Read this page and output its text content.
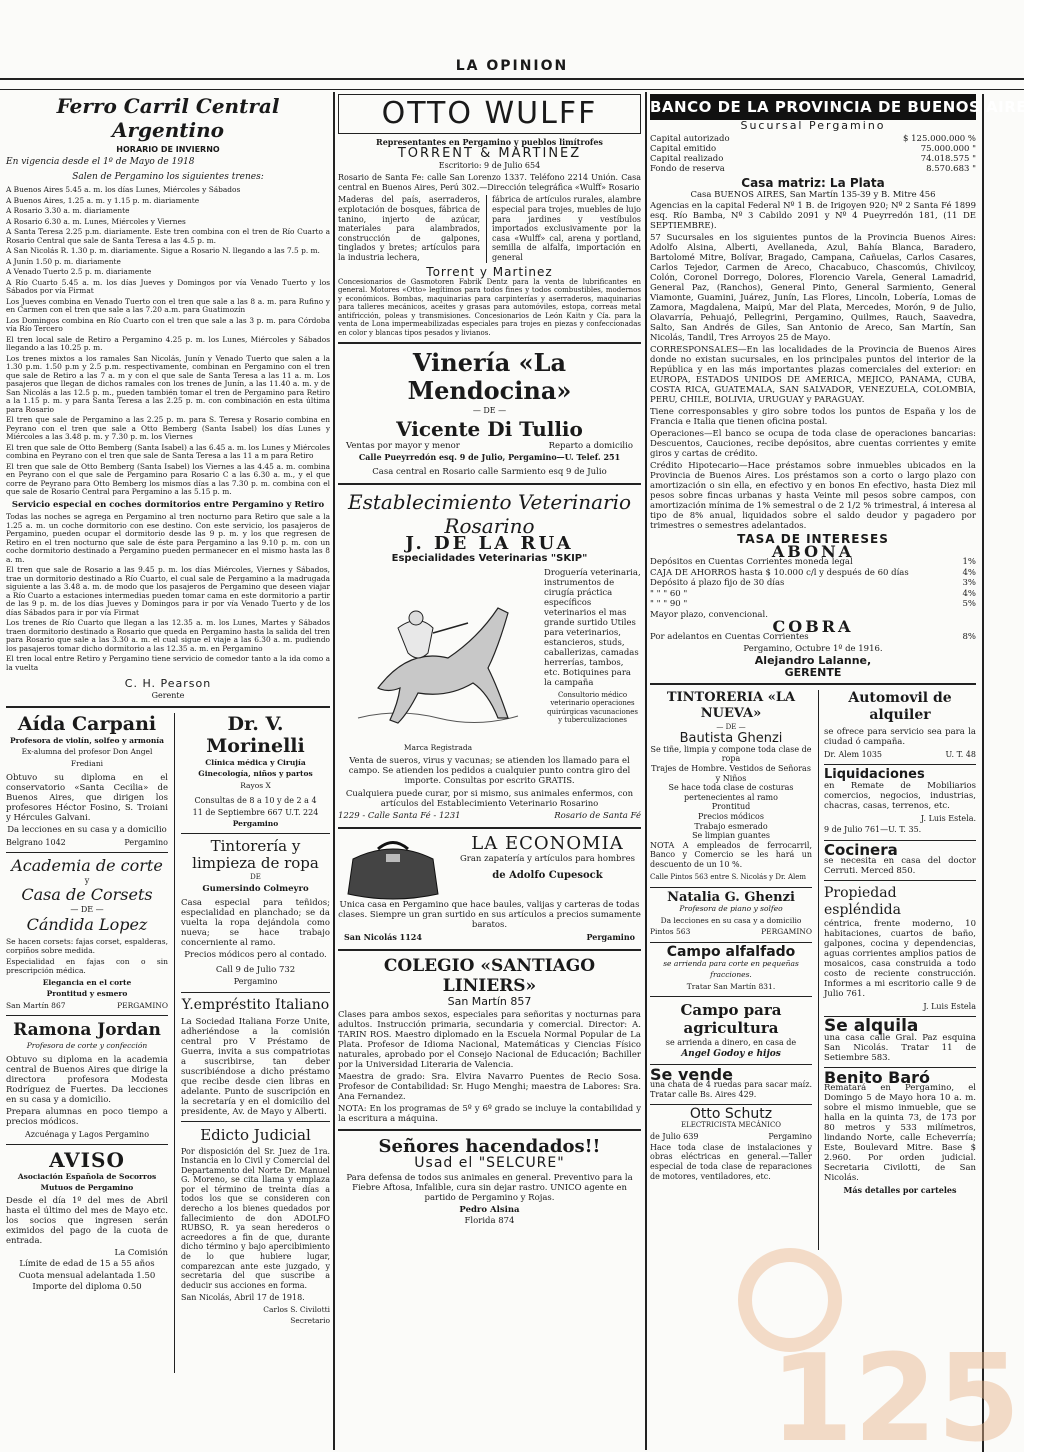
LA OPINION
Ferro Carril Central Argentino
HORARIO DE INVIERNO
En vigencia desde el 1º de Mayo de 1918
Salen de Pergamino los siguientes trenes:

A Buenos Aires 5.45 a. m. los días Lunes, Miércoles y Sábados

A Buenos Aires, 1.25 a. m. y 1.15 p. m. diariamente

A Rosario 3.30 a. m. diariamente

A Rosario 6.30 a. m. Lunes, Miércoles y Viernes

A Santa Teresa 2.25 p.m. diariamente. Este tren combina con el tren de Río Cuarto a Rosario Central que sale de Santa Teresa a las 4.5 p. m.

A San Nicolás R. 1.30 p. m. diariamente. Sigue a Rosario N. llegando a las 7.5 p. m.

A Junín 1.50 p. m. diariamente

A Venado Tuerto 2.5 p. m. diariamente

A Río Cuarto 5.45 a. m. los días Jueves y Domingos por vía Venado Tuerto y los Sábados por vía Firmat

Los Jueves combina en Venado Tuerto con el tren que sale a las 8 a. m. para Rufino y en Carmen con el tren que sale a las 7.20 a.m. para Guatimozín

Los Domingos combina en Río Cuarto con el tren que sale a las 3 p. m. para Córdoba vía Río Tercero

El tren local sale de Retiro a Pergamino 4.25 p. m. los Lunes, Miércoles y Sábados llegando a las 10.25 p. m.

Los trenes mixtos a los ramales San Nicolás, Junín y Venado Tuerto que salen a la 1.30 p.m. 1.50 p.m y 2.5 p.m. respectivamente, combinan en Pergamino con el tren que sale de Retiro a las 7 a. m y con el que sale de Santa Teresa a las 11 a. m. Los pasajeros que llegan de dichos ramales con los trenes de Junín, a las 11.40 a. m. y de San Nicolás a las 12.5 p. m., pueden también tomar el tren de Pergamino para Retiro a la 1.15 p. m. y para Santa Teresa a las 2.25 p. m. con combinación en esta última para Rosario

El tren que sale de Pergamino a las 2.25 p. m. para S. Teresa y Rosario combina en Peyrano con el tren que sale a Otto Bemberg (Santa Isabel) los días Lunes y Miércoles a las 3.48 p. m. y 7.30 p. m. los Viernes

El tren que sale de Otto Bemberg (Santa Isabel) a las 6.45 a. m. los Lunes y Miércoles combina en Peyrano con el tren que sale de Santa Teresa a las 11 a m para Retiro

El tren que sale de Otto Bemberg (Santa Isabel) los Viernes a las 4.45 a. m. combina en Peyrano con el que sale de Pergamino para Rosario C a las 6.30 a. m., y el que corre de Peyrano para Otto Bemberg los mismos días a las 7.30 p. m. combina con el que sale de Rosario Central para Pergamino a las 5.15 p. m.

Servicio especial en coches dormitorios entre Pergamino y Retiro

Todas las noches se agrega en Pergamino al tren nocturno para Retiro que sale a la 1.25 a. m. un coche dormitorio con ese destino. Con este servicio, los pasajeros de Pergamino, pueden ocupar el dormitorio desde las 9 p. m. y los que regresen de Retiro en el tren nocturno que sale de éste para Pergamino a las 9.10 p. m. con un coche dormitorio destinado a Pergamino pueden permanecer en el mismo hasta las 8 a. m.

El tren que sale de Rosario a las 9.45 p. m. los días Miércoles, Viernes y Sábados, trae un dormitorio destinado a Río Cuarto, el cual sale de Pergamino a la madrugada siguiente a las 3.48 a. m. de modo que los pasajeros de Pergamino que deseen viajar a Río Cuarto a estaciones intermedias pueden tomar cama en este dormitorio a partir de las 9 p. m. de los días Jueves y Domingos para ir por vía Venado Tuerto y de los días Sábados para ir por vía Firmat

Los trenes de Río Cuarto que llegan a las 12.35 a. m. los Lunes, Martes y Sábados traen dormitorio destinado a Rosario que queda en Pergamino hasta la salida del tren para Rosario que sale a las 3.30 a. m. el cual sigue el viaje a las 6.30 a. m. pudiendo los pasajeros tomar dicho dormitorio a las 12.35 a. m. en Pergamino

El tren local entre Retiro y Pergamino tiene servicio de comedor tanto a la ida como a la vuelta

C. H. Pearson
Gerente
Aída Carpani
Profesora de violín, solfeo y armonía
Ex-alumna del profesor Don Angel Frediani

Obtuvo su diploma en el conservatorio «Santa Cecilia» de Buenos Aires, que dirigen los profesores Héctor Fosino, S. Troiani y Hércules Galvani.

Da lecciones en su casa y a domicilio
Belgrano 1042	Pergamino
Academia de corte
y
Casa de Corsets
— DE —
Cándida Lopez

Se hacen corsets: fajas corset, espalderas, corpiños sobre medida.

Especialidad en fajas con o sin prescripción médica.

Elegancia en el corte
Prontitud y esmero
San Martín 867	PERGAMINO
Ramona Jordan
Profesora de corte y confección

Obtuvo su diploma en la academia central de Buenos Aires que dirige la directora profesora Modesta Rodríguez de Fuertes. Da lecciones en su casa y a domicilio.

Prepara alumnas en poco tiempo a precios módicos.

Azcuénaga y Lagos Pergamino
AVISO
Asociación Española de Socorros Mutuos de Pergamino

Desde el día 1º del mes de Abril hasta el último del mes de Mayo etc. los socios que ingresen serán eximidos del pago de la cuota de entrada.

La Comisión
Límite de edad de 15 a 55 años
Cuota mensual adelantada 1.50
Importe del diploma 0.50
Dr. V. Morinelli
Clínica médica y Cirujía
Ginecología, niños y partos
Rayos X
Consultas de 8 a 10 y de 2 a 4
11 de Septiembre 667 U.T. 224
Pergamino
Tintorería y limpieza de ropa
DE
Gumersindo Colmeyro

Casa especial para teñidos; especialidad en planchado; se da vuelta la ropa dejándola como nueva; se hace trabajo concerniente al ramo.

Precios módicos pero al contado.
Call 9 de Julio 732
Pergamino
Y.empréstito Italiano

La Sociedad Italiana Forze Unite, adheriéndose a la comisión central pro V Préstamo de Guerra, invita a sus compatriotas a suscribirse, tan deber suscribiéndose a dicho préstamo que recibe desde cien libras en adelante. Punto de suscripción en la secretaría y en el domicilio del presidente, Av. de Mayo y Alberti.

Edicto Judicial

Por disposición del Sr. Juez de 1ra. Instancia en lo Civil y Comercial del Departamento del Norte Dr. Manuel G. Moreno, se cita llama y emplaza por el término de treinta días a todos los que se consideren con derecho a los bienes quedados por fallecimiento de don ADOLFO RUBSO, R. ya sean herederos o acreedores a fin de que, durante dicho término y bajo apercibimiento de lo que hubiere lugar, comparezcan ante este juzgado, y secretaria del que suscribe a deducir sus acciones en forma.

San Nicolás, Abril 17 de 1918.
Carlos S. Civilotti
Secretario
OTTO WULFF
Representantes en Pergamino y pueblos limítrofes
TORRENT & MARTINEZ
Escritorio: 9 de Julio 654

Rosario de Santa Fe: calle San Lorenzo 1337. Teléfono 2214 Unión. Casa central en Buenos Aires, Perú 302.—Dirección telegráfica «Wulff» Rosario

Maderas del país, aserraderos, explotación de bosques, fábrica de tanino, injerto de azúcar, materiales para alambrados, construcción de galpones, tinglados y bretes; artículos para la industria lechera,

fábrica de artículos rurales, alambre especial para trojes, muebles de lujo para jardines y vestíbulos importados exclusivamente por la casa «Wulff» cal, arena y portland, semilla de alfalfa, importación en general

Torrent y Martinez

Concesionarios de Gasmotoren Fabrik Dentz para la venta de lubrificantes en general. Motores «Otto» legítimos para todos fines y todos combustibles, modernos y económicos. Bombas, maquinarias para carpinterías y aserraderos, maquinarias para talleres mecánicos, aceites y grasas para automóviles, estopa, correas metal antifricción, poleas y transmisiones. Concesionarios de León Kaitn y Cía. para la venta de Lona impermeabilizadas especiales para trojes en piezas y confeccionadas en color y blancas tipos pesados y livianos.

Vinería «La Mendocina»
— DE —
Vicente Di Tullio
Ventas por mayor y menor	Reparto a domicilio
Calle Pueyrredón esq. 9 de Julio, Pergamino—U. Telef. 251
Casa central en Rosario calle Sarmiento esq 9 de Julio
Establecimiento Veterinario Rosarino
J. DE LA RUA
Especialidades Veterinarias "SKIP"
Marca Registrada

Droguería veterinaria, instrumentos de cirugía práctica específicos veterinarios el mas grande surtido Utiles para veterinarios, estancieros, studs, caballerizas, camadas herrerías, tambos, etc. Botiquines para la campaña

Consultorio médico veterinario operaciones quirúrgicas vacunaciones y tuberculizaciones

Venta de sueros, virus y vacunas; se atienden los llamado para el campo. Se atienden los pedidos a cualquier punto contra giro del importe. Consultas por escrito GRATIS.

Cualquiera puede curar, por si mismo, sus animales enfermos, con artículos del Establecimiento Veterinario Rosarino

1229 - Calle Santa Fé - 1231	Rosario de Santa Fé
LA ECONOMIA
Gran zapatería y artículos para hombres
de Adolfo Cupesock

Unica casa en Pergamino que hace baules, valijas y carteras de todas clases. Siempre un gran surtido en sus artículos a precios sumamente baratos.

San Nicolás 1124	Pergamino
COLEGIO «SANTIAGO LINIERS»
San Martín 857

Clases para ambos sexos, especiales para señoritas y nocturnas para adultos. Instrucción primaria, secundaria y comercial. Director: A. TARIN ROS. Maestro diplomado en la Escuela Normal Popular de La Plata. Profesor de Idioma Nacional, Matemáticas y Ciencias Físico naturales, aprobado por el Consejo Nacional de Educación; Bachiller por la Universidad Literaria de Valencia.

Maestra de grado: Sra. Elvira Navarro Puentes de Recio Sosa. Profesor de Contabilidad: Sr. Hugo Menghi; maestra de Labores: Sra. Ana Fernandez.

NOTA: En los programas de 5º y 6º grado se incluye la contabilidad y la escritura a máquina.

Señores hacendados!!
Usad el "SELCURE"

Para defensa de todos sus animales en general. Preventivo para la Fiebre Aftosa, Infalible, cura sin dejar rastro. UNICO agente en partido de Pergamino y Rojas.

Pedro Alsina
Florida 874
BANCO DE LA PROVINCIA DE BUENOS AIRES
Sucursal Pergamino
Capital autorizado	$ 125.000.000 %
Capital emitido	75.000.000 "
Capital realizado	74.018.575 "
Fondo de reserva	8.570.683 "
Casa matriz: La Plata
Casa BUENOS AIRES, San Martín 135-39 y B. Mitre 456

Agencias en la capital Federal Nº 1 B. de Irigoyen 920; Nº 2 Santa Fé 1899 esq. Río Bamba, Nº 3 Cabildo 2091 y Nº 4 Pueyrredón 181, (11 DE SEPTIEMBRE).

57 Sucursales en los siguientes puntos de la Provincia Buenos Aires: Adolfo Alsina, Alberti, Avellaneda, Azul, Bahía Blanca, Baradero, Bartolomé Mitre, Bolívar, Bragado, Campana, Cañuelas, Carlos Casares, Carlos Tejedor, Carmen de Areco, Chacabuco, Chascomús, Chivilcoy, Colón, Coronel Dorrego, Dolores, Florencio Varela, General Lamadrid, General Paz, (Ranchos), General Pinto, General Sarmiento, General Viamonte, Guamini, Juárez, Junín, Las Flores, Lincoln, Lobería, Lomas de Zamora, Magdalena, Maipú, Mar del Plata, Mercedes, Morón, 9 de Julio, Olavarría, Pehuajó, Pellegrini, Pergamino, Quilmes, Rauch, Saavedra, Salto, San Andrés de Giles, San Antonio de Areco, San Martín, San Nicolás, Tandil, Tres Arroyos 25 de Mayo.

CORRESPONSALES—En las localidades de la Provincia de Buenos Aires donde no existan sucursales, en los principales puntos del interior de la República y en las más importantes plazas comerciales del exterior: en EUROPA, ESTADOS UNIDOS DE AMERICA, MEJICO, PANAMA, CUBA, COSTA RICA, GUATEMALA, SAN SALVADOR, VENEZUELA, COLOMBIA, PERU, CHILE, BOLIVIA, URUGUAY y PARAGUAY.

Tiene corresponsables y giro sobre todos los puntos de España y los de Francia e Italia que tienen oficina postal.

Operaciones—El banco se ocupa de toda clase de operaciones bancarias: Descuentos, Cauciones, recibe depósitos, abre cuentas corrientes y emite giros y cartas de crédito.

Crédito Hipotecario—Hace préstamos sobre inmuebles ubicados en la Provincia de Buenos Aires. Los préstamos son a corto o largo plazo con amortización o sin ella, en efectivo y en bonos En efectivo, hasta Diez mil pesos sobre fincas urbanas y hasta Veinte mil pesos sobre campos, con amortización mínima de 1% semestral o de 2 1/2 % trimestral, á interesa al tipo de 8% anual, liquidados sobre el saldo deudor y pagadero por trimestres o semestres adelantados.

TASA DE INTERESES
ABONA
Depósitos en Cuentas Corrientes moneda legal	1%
CAJA DE AHORROS hasta $ 10.000 c/l y después de 60 días	4%
Depósito á plazo fijo de 30 días	3%
" " " 60 "	4%
" " " 90 "	5%
Mayor plazo, convencional.
COBRA
Por adelantos en Cuentas Corrientes	8%
Pergamino, Octubre 1º de 1916.
Alejandro Lalanne,
GERENTE
TINTORERIA «LA NUEVA»
— DE —
Bautista Ghenzi
Se tiñe, limpia y compone toda clase de ropa
Trajes de Hombre. Vestidos de Señoras y Niños
Se hace toda clase de costuras pertenecientes al ramo
Prontitud
Precios módicos
Trabajo esmerado
Se limpian guantes

NOTA A empleados de ferrocarril, Banco y Comercio se les hará un descuento de un 10 %.

Calle Pintos 563 entre S. Nicolás y Dr. Alem
Natalia G. Ghenzi
Profesora de piano y solfeo
Da lecciones en su casa y a domicilio
Pintos 563	PERGAMINO
Campo alfalfado
se arrienda para corte en pequeñas fracciones.
Tratar San Martín 831.
Campo para agricultura
se arrienda a dinero, en casa de
Angel Godoy e hijos
Se vende

una chata de 4 ruedas para sacar maíz. Tratar calle Bs. Aires 429.

Otto Schutz
ELECTRICISTA MECÁNICO
de Julio 639	Pergamino

Hace toda clase de instalaciones y obras eléctricas en general.—Taller especial de toda clase de reparaciones de motores, ventiladores, etc.

Automovil de alquiler

se ofrece para servicio sea para la ciudad ó campaña.

Dr. Alem 1035	U. T. 48
Liquidaciones

en Remate de Mobiliarios comercios, negocios, industrias, chacras, casas, terrenos, etc.

J. Luis Estela.
9 de Julio 761—U. T. 35.
Cocinera

se necesita en casa del doctor Cerruti. Merced 850.

Propiedad espléndida

céntrica, frente moderno, 10 habitaciones, cuartos de baño, galpones, cocina y dependencias, aguas corrientes amplios patios de mosaicos, casa construida a todo costo de reciente construcción. Informes a mi escritorio calle 9 de Julio 761.

J. Luis Estela
Se alquila

una casa calle Gral. Paz esquina San Nicolás. Tratar 11 de Setiembre 583.

Benito Baró

Rematará en Pergamino, el Domingo 5 de Mayo hora 10 a. m. sobre el mismo inmueble, que se halla en la quinta 73, de 173 por 80 metros y 533 milímetros, lindando Norte, calle Echeverría; Este, Boulevard Mitre. Base $ 2.960. Por orden judicial. Secretaria Civilotti, de San Nicolás.

Más detalles por carteles
125
